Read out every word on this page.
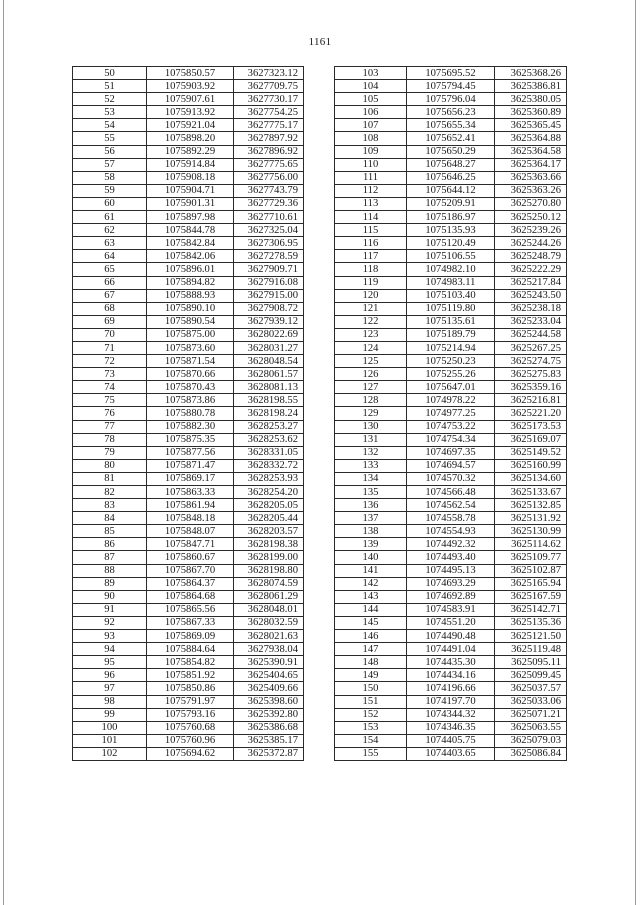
1161
50	1075850.57	3627323.12
51	1075903.92	3627709.75
52	1075907.61	3627730.17
53	1075913.92	3627754.25
54	1075921.04	3627775.17
55	1075898.20	3627897.92
56	1075892.29	3627896.92
57	1075914.84	3627775.65
58	1075908.18	3627756.00
59	1075904.71	3627743.79
60	1075901.31	3627729.36
61	1075897.98	3627710.61
62	1075844.78	3627325.04
63	1075842.84	3627306.95
64	1075842.06	3627278.59
65	1075896.01	3627909.71
66	1075894.82	3627916.08
67	1075888.93	3627915.00
68	1075890.10	3627908.72
69	1075890.54	3627939.12
70	1075875.00	3628022.69
71	1075873.60	3628031.27
72	1075871.54	3628048.54
73	1075870.66	3628061.57
74	1075870.43	3628081.13
75	1075873.86	3628198.55
76	1075880.78	3628198.24
77	1075882.30	3628253.27
78	1075875.35	3628253.62
79	1075877.56	3628331.05
80	1075871.47	3628332.72
81	1075869.17	3628253.93
82	1075863.33	3628254.20
83	1075861.94	3628205.05
84	1075848.18	3628205.44
85	1075848.07	3628203.57
86	1075847.71	3628198.38
87	1075860.67	3628199.00
88	1075867.70	3628198.80
89	1075864.37	3628074.59
90	1075864.68	3628061.29
91	1075865.56	3628048.01
92	1075867.33	3628032.59
93	1075869.09	3628021.63
94	1075884.64	3627938.04
95	1075854.82	3625390.91
96	1075851.92	3625404.65
97	1075850.86	3625409.66
98	1075791.97	3625398.60
99	1075793.16	3625392.80
100	1075760.68	3625386.68
101	1075760.96	3625385.17
102	1075694.62	3625372.87
103	1075695.52	3625368.26
104	1075794.45	3625386.81
105	1075796.04	3625380.05
106	1075656.23	3625360.89
107	1075655.34	3625365.45
108	1075652.41	3625364.88
109	1075650.29	3625364.58
110	1075648.27	3625364.17
111	1075646.25	3625363.66
112	1075644.12	3625363.26
113	1075209.91	3625270.80
114	1075186.97	3625250.12
115	1075135.93	3625239.26
116	1075120.49	3625244.26
117	1075106.55	3625248.79
118	1074982.10	3625222.29
119	1074983.11	3625217.84
120	1075103.40	3625243.50
121	1075119.80	3625238.18
122	1075135.61	3625233.04
123	1075189.79	3625244.58
124	1075214.94	3625267.25
125	1075250.23	3625274.75
126	1075255.26	3625275.83
127	1075647.01	3625359.16
128	1074978.22	3625216.81
129	1074977.25	3625221.20
130	1074753.22	3625173.53
131	1074754.34	3625169.07
132	1074697.35	3625149.52
133	1074694.57	3625160.99
134	1074570.32	3625134.60
135	1074566.48	3625133.67
136	1074562.54	3625132.85
137	1074558.78	3625131.92
138	1074554.93	3625130.99
139	1074492.32	3625114.62
140	1074493.40	3625109.77
141	1074495.13	3625102.87
142	1074693.29	3625165.94
143	1074692.89	3625167.59
144	1074583.91	3625142.71
145	1074551.20	3625135.36
146	1074490.48	3625121.50
147	1074491.04	3625119.48
148	1074435.30	3625095.11
149	1074434.16	3625099.45
150	1074196.66	3625037.57
151	1074197.70	3625033.06
152	1074344.32	3625071.21
153	1074346.35	3625063.55
154	1074405.75	3625079.03
155	1074403.65	3625086.84
